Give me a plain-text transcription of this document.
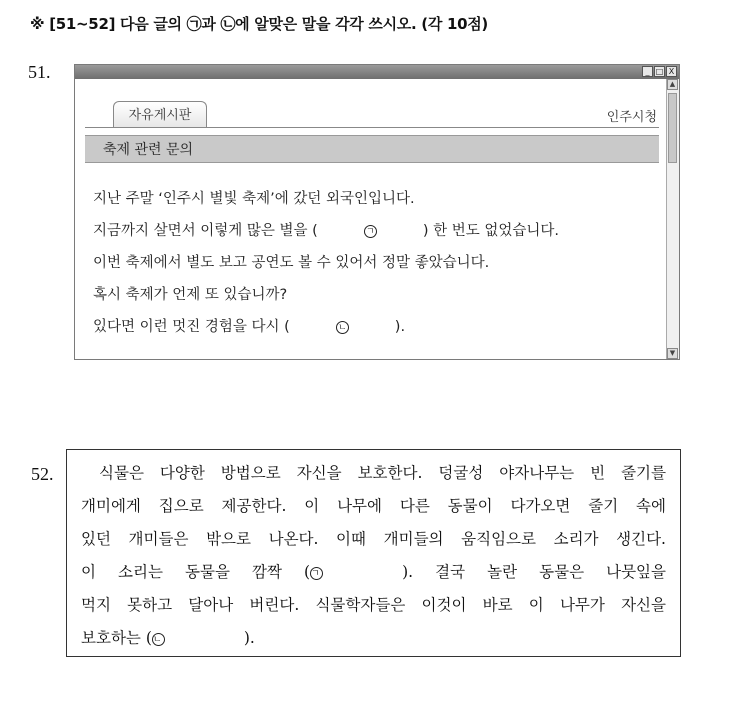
※ [51~52] 다음 글의 ㉠과 ㉡에 알맞은 말을 각각 쓰시오. (각 10점)
51.	_ □ X
자유게시판	인주시청
축제 관련 문의
지난 주말 ‘인주시 별빛 축제’에 갔던 외국인입니다.
지금까지 살면서 이렇게 많은 별을 (	ㄱ	) 한 번도 없었습니다.
이번 축제에서 별도 보고 공연도 볼 수 있어서 정말 좋았습니다.
혹시 축제가 언제 또 있습니까?
있다면 이런 멋진 경험을 다시 (	ㄴ	).
▲
▼
52.	식물은 다양한 방법으로 자신을 보호한다. 덩굴성 야자나무는 빈 줄기를
개미에게 집으로 제공한다. 이 나무에 다른 동물이 다가오면 줄기 속에
있던 개미들은 밖으로 나온다. 이때 개미들의 움직임으로 소리가 생긴다.
이 소리는 동물을 깜짝 (ㄱ	). 결국 놀란 동물은 나뭇잎을
먹지 못하고 달아나 버린다. 식물학자들은 이것이 바로 이 나무가 자신을
보호하는 (ㄴ	).
